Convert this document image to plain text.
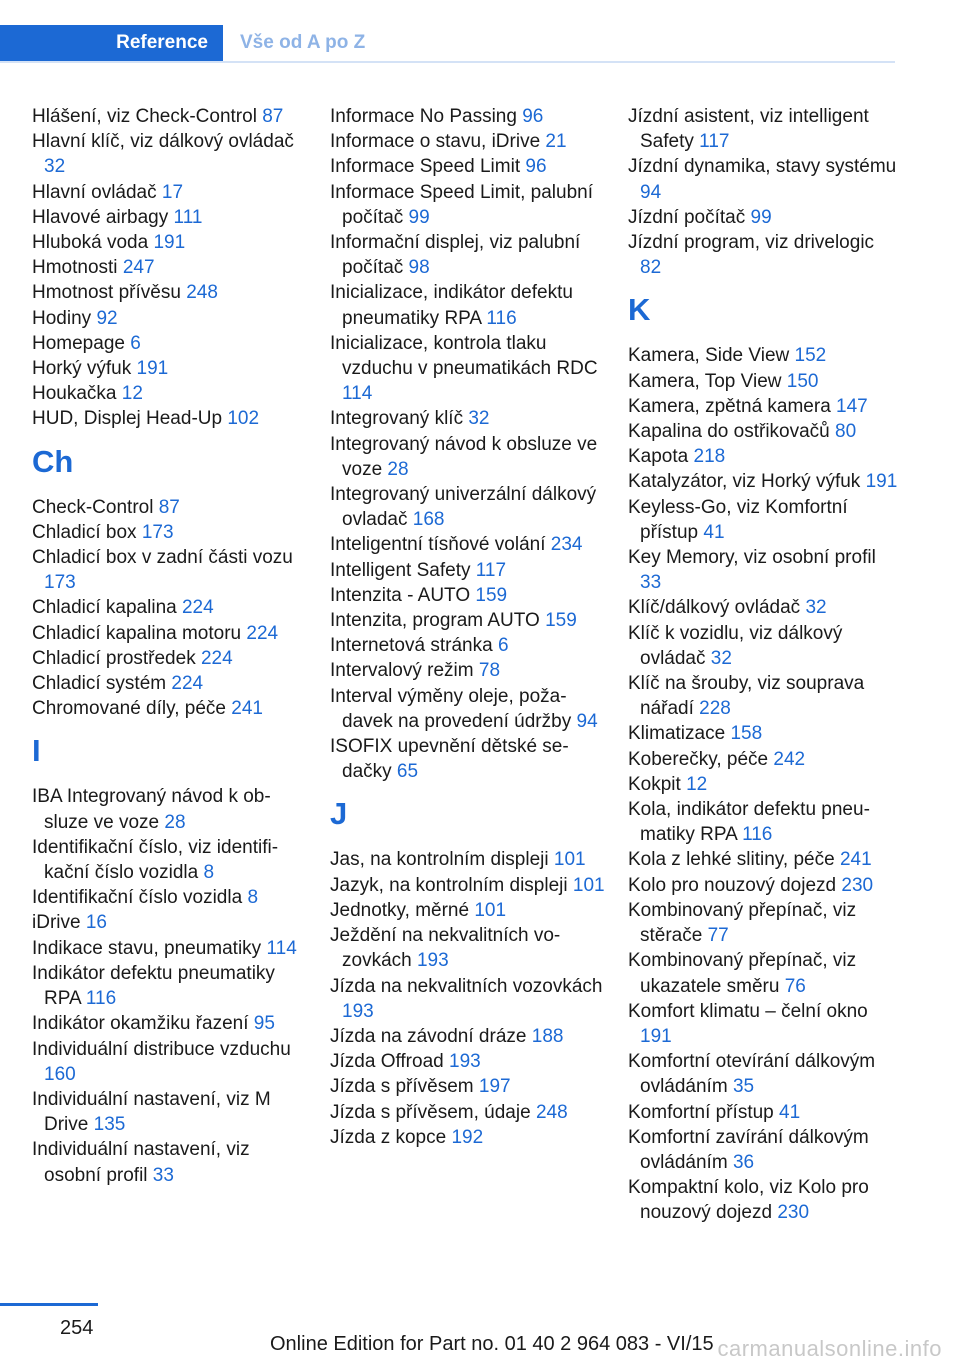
Reference	Vše od A po Z
Hlášení, viz Check-Control 87
Hlavní klíč, viz dálkový ovládač 32
Hlavní ovládač 17
Hlavové airbagy 111
Hluboká voda 191
Hmotnosti 247
Hmotnost přívěsu 248
Hodiny 92
Homepage 6
Horký výfuk 191
Houkačka 12
HUD, Displej Head-Up 102
Ch
Check-Control 87
Chladicí box 173
Chladicí box v zadní části vozu 173
Chladicí kapalina 224
Chladicí kapalina motoru 224
Chladicí prostředek 224
Chladicí systém 224
Chromované díly, péče 241
I
IBA Integrovaný návod k obsluze ve voze 28
Identifikační číslo, viz identifikační číslo vozidla 8
Identifikační číslo vozidla 8
iDrive 16
Indikace stavu, pneumatiky 114
Indikátor defektu pneumatiky RPA 116
Indikátor okamžiku řazení 95
Individuální distribuce vzduchu 160
Individuální nastavení, viz M Drive 135
Individuální nastavení, viz osobní profil 33
Informace No Passing 96
Informace o stavu, iDrive 21
Informace Speed Limit 96
Informace Speed Limit, palubní počítač 99
Informační displej, viz palubní počítač 98
Inicializace, indikátor defektu pneumatiky RPA 116
Inicializace, kontrola tlaku vzduchu v pneumatikách RDC 114
Integrovaný klíč 32
Integrovaný návod k obsluze ve voze 28
Integrovaný univerzální dálkový ovladač 168
Inteligentní tísňové volání 234
Intelligent Safety 117
Intenzita - AUTO 159
Intenzita, program AUTO 159
Internetová stránka 6
Intervalový režim 78
Interval výměny oleje, požadavek na provedení údržby 94
ISOFIX upevnění dětské sedačky 65
J
Jas, na kontrolním displeji 101
Jazyk, na kontrolním displeji 101
Jednotky, měrné 101
Ježdění na nekvalitních vozovkách 193
Jízda na nekvalitních vozovkách 193
Jízda na závodní dráze 188
Jízda Offroad 193
Jízda s přívěsem 197
Jízda s přívěsem, údaje 248
Jízda z kopce 192
Jízdní asistent, viz intelligent Safety 117
Jízdní dynamika, stavy systému 94
Jízdní počítač 99
Jízdní program, viz drivelogic 82
K
Kamera, Side View 152
Kamera, Top View 150
Kamera, zpětná kamera 147
Kapalina do ostřikovačů 80
Kapota 218
Katalyzátor, viz Horký výfuk 191
Keyless-Go, viz Komfortní přístup 41
Key Memory, viz osobní profil 33
Klíč/dálkový ovládač 32
Klíč k vozidlu, viz dálkový ovládač 32
Klíč na šrouby, viz souprava nářadí 228
Klimatizace 158
Koberečky, péče 242
Kokpit 12
Kola, indikátor defektu pneumatiky RPA 116
Kola z lehké slitiny, péče 241
Kolo pro nouzový dojezd 230
Kombinovaný přepínač, viz stěrače 77
Kombinovaný přepínač, viz ukazatele směru 76
Komfort klimatu – čelní okno 191
Komfortní otevírání dálkovým ovládáním 35
Komfortní přístup 41
Komfortní zavírání dálkovým ovládáním 36
Kompaktní kolo, viz Kolo pro nouzový dojezd 230
254
Online Edition for Part no. 01 40 2 964 083 - VI/15 carmanualsonline.info
